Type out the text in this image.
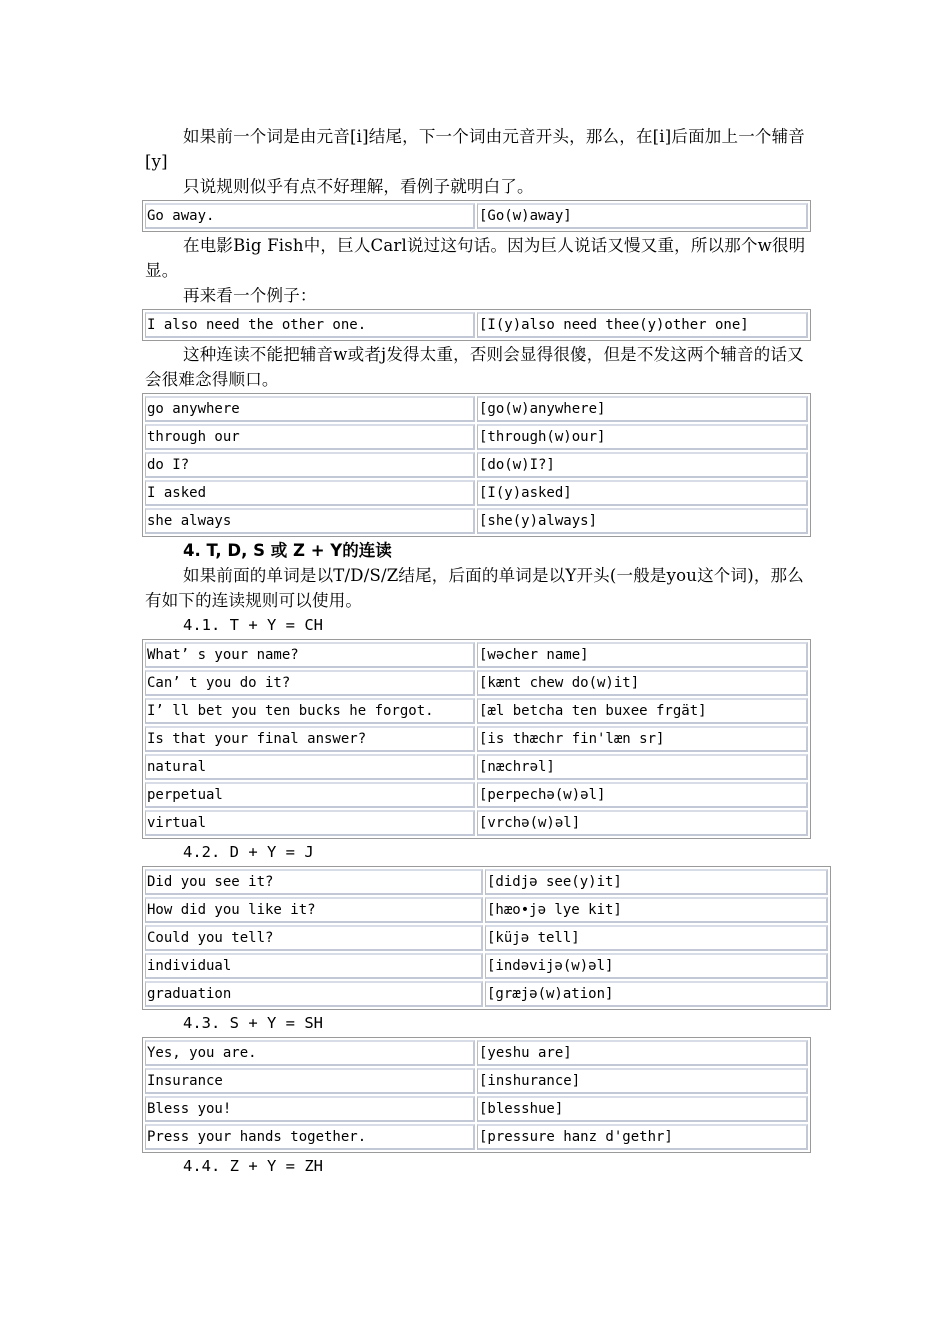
如果前一个词是由元音[i]结尾，下一个词由元音开头，那么，在[i]后面加上一个辅音[y]

只说规则似乎有点不好理解，看例子就明白了。

Go away.	[Go(w)away]

在电影Big Fish中，巨人Carl说过这句话。因为巨人说话又慢又重，所以那个w很明显。

再来看一个例子：

I also need the other one.	[I(y)also need thee(y)other one]

这种连读不能把辅音w或者j发得太重，否则会显得很傻，但是不发这两个辅音的话又会很难念得顺口。

go anywhere	[go(w)anywhere]
through our	[through(w)our]
do I?	[do(w)I?]
I asked	[I(y)asked]
she always	[she(y)always]

4. T, D, S 或 Z + Y的连读

如果前面的单词是以T/D/S/Z结尾，后面的单词是以Y开头(一般是you这个词)，那么有如下的连读规则可以使用。

4.1. T + Y = CH

What’ s your name?	[wəcher name]
Can’ t you do it?	[kænt chew do(w)it]
I’ ll bet you ten bucks he forgot.	[æl betcha ten buxee frgät]
Is that your final answer?	[is thæchr fin'læn sr]
natural	[næchrəl]
perpetual	[perpechə(w)əl]
virtual	[vrchə(w)əl]

4.2. D + Y = J

Did you see it?	[didjə see(y)it]
How did you like it?	[hæo•jə lye kit]
Could you tell?	[küjə tell]
individual	[indəvijə(w)əl]
graduation	[græjə(w)ation]

4.3. S + Y = SH

Yes, you are.	[yeshu are]
Insurance	[inshurance]
Bless you!	[blesshue]
Press your hands together.	[pressure hanz d'gethr]

4.4. Z + Y = ZH
